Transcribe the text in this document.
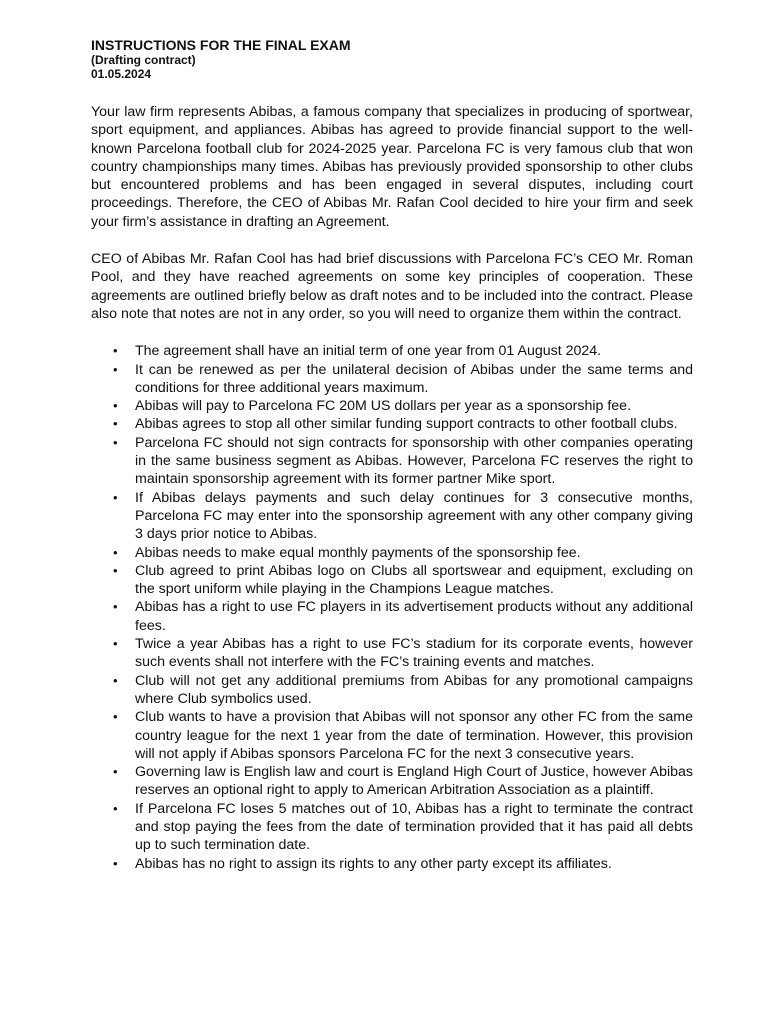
INSTRUCTIONS FOR THE FINAL EXAM

(Drafting contract)

01.05.2024

Your law firm represents Abibas, a famous company that specializes in producing of sportwear, sport equipment, and appliances. Abibas has agreed to provide financial support to the well-known Parcelona football club for 2024-2025 year. Parcelona FC is very famous club that won country championships many times. Abibas has previously provided sponsorship to other clubs but encountered problems and has been engaged in several disputes, including court proceedings. Therefore, the CEO of Abibas Mr. Rafan Cool decided to hire your firm and seek your firm’s assistance in drafting an Agreement.

CEO of Abibas Mr. Rafan Cool has had brief discussions with Parcelona FC’s CEO Mr. Roman Pool, and they have reached agreements on some key principles of cooperation. These agreements are outlined briefly below as draft notes and to be included into the contract. Please also note that notes are not in any order, so you will need to organize them within the contract.

• The agreement shall have an initial term of one year from 01 August 2024.
• It can be renewed as per the unilateral decision of Abibas under the same terms and conditions for three additional years maximum.
• Abibas will pay to Parcelona FC 20M US dollars per year as a sponsorship fee.
• Abibas agrees to stop all other similar funding support contracts to other football clubs.
• Parcelona FC should not sign contracts for sponsorship with other companies operating in the same business segment as Abibas. However, Parcelona FC reserves the right to maintain sponsorship agreement with its former partner Mike sport.
• If Abibas delays payments and such delay continues for 3 consecutive months, Parcelona FC may enter into the sponsorship agreement with any other company giving 3 days prior notice to Abibas.
• Abibas needs to make equal monthly payments of the sponsorship fee.
• Club agreed to print Abibas logo on Clubs all sportswear and equipment, excluding on the sport uniform while playing in the Champions League matches.
• Abibas has a right to use FC players in its advertisement products without any additional fees.
• Twice a year Abibas has a right to use FC’s stadium for its corporate events, however such events shall not interfere with the FC’s training events and matches.
• Club will not get any additional premiums from Abibas for any promotional campaigns where Club symbolics used.
• Club wants to have a provision that Abibas will not sponsor any other FC from the same country league for the next 1 year from the date of termination. However, this provision will not apply if Abibas sponsors Parcelona FC for the next 3 consecutive years.
• Governing law is English law and court is England High Court of Justice, however Abibas reserves an optional right to apply to American Arbitration Association as a plaintiff.
• If Parcelona FC loses 5 matches out of 10, Abibas has a right to terminate the contract and stop paying the fees from the date of termination provided that it has paid all debts up to such termination date.
• Abibas has no right to assign its rights to any other party except its affiliates.
